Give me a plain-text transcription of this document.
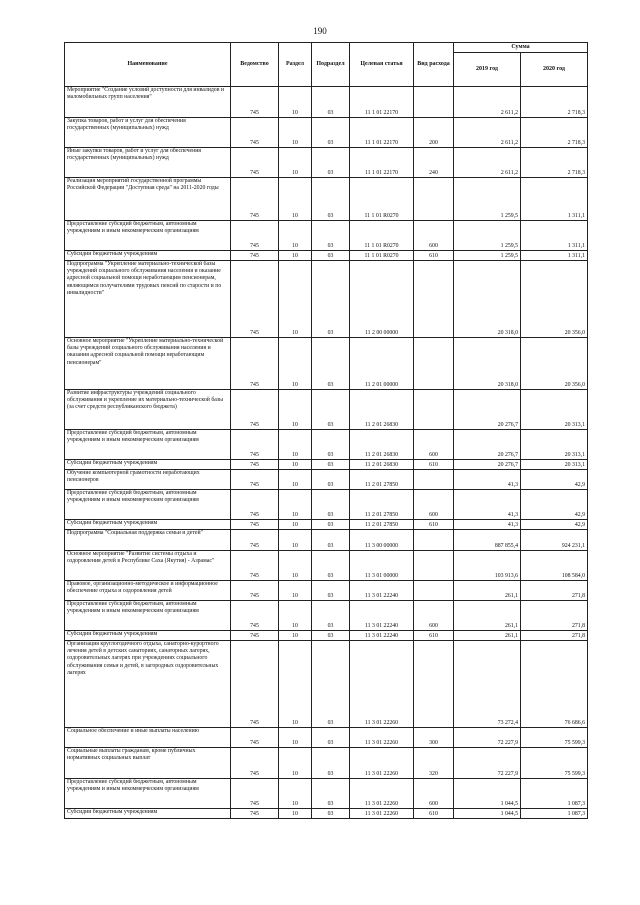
190
Наименование	Ведомство	Раздел	Подраздел	Целевая статья	Вид расхода	Сумма	
						2019 год	2020 год
Мероприятие "Создание условий доступности для инвалидов и маломобильных групп населения"	745	10	03	11 1 01 22170		2 611,2	2 718,3
Закупка товаров, работ и услуг для обеспечения государственных (муниципальных) нужд	745	10	03	11 1 01 22170	200	2 611,2	2 718,3
Иные закупки товаров, работ и услуг для обеспечения государственных (муниципальных) нужд	745	10	03	11 1 01 22170	240	2 611,2	2 718,3
Реализация мероприятий государственной программы Российской Федерации "Доступная среда" на 2011-2020 годы	745	10	03	11 1 01 R0270		1 259,5	1 311,1
Предоставление субсидий бюджетным, автономным учреждениям и иным некоммерческим организациям	745	10	03	11 1 01 R0270	600	1 259,5	1 311,1
Субсидии бюджетным учреждениям	745	10	03	11 1 01 R0270	610	1 259,5	1 311,1
Подпрограмма "Укрепление материально-технической базы учреждений социального обслуживания населения и оказание адресной социальной помощи неработающим пенсионерам, являющимся получателями трудовых пенсий по старости и по инвалидности"	745	10	03	11 2 00 00000		20 318,0	20 356,0
Основное мероприятие "Укрепление материально-технической базы учреждений социального обслуживания населения и оказания адресной социальной помощи неработающим пенсионерам"	745	10	03	11 2 01 00000		20 318,0	20 356,0
Развитие инфраструктуры учреждений социального обслуживания и укрепление их материально-технической базы (за счет средств республиканского бюджета)	745	10	03	11 2 01 26830		20 276,7	20 313,1
Предоставление субсидий бюджетным, автономным учреждениям и иным некоммерческим организациям	745	10	03	11 2 01 26830	600	20 276,7	20 313,1
Субсидии бюджетным учреждениям	745	10	03	11 2 01 26830	610	20 276,7	20 313,1
Обучение компьютерной грамотности неработающих пенсионеров	745	10	03	11 2 01 27850		41,3	42,9
Предоставление субсидий бюджетным, автономным учреждениям и иным некоммерческим организациям	745	10	03	11 2 01 27850	600	41,3	42,9
Субсидии бюджетным учреждениям	745	10	03	11 2 01 27850	610	41,3	42,9
Подпрограмма "Социальная поддержка семьи и детей"	745	10	03	11 3 00 00000		887 855,4	924 231,1
Основное мероприятие "Развитие системы отдыха и оздоровления детей в Республике Саха (Якутия) - Азрамас"	745	10	03	11 3 01 00000		103 913,6	108 584,0
Правовое, организационно-методическое и информационное обеспечение отдыха и оздоровления детей	745	10	03	11 3 01 22240		261,1	271,8
Предоставление субсидий бюджетным, автономным учреждениям и иным некоммерческим организациям	745	10	03	11 3 01 22240	600	261,1	271,8
Субсидии бюджетным учреждениям	745	10	03	11 3 01 22240	610	261,1	271,8
Организация круглогодичного отдыха, санаторно-курортного лечения детей в детских санаториях, санаторных лагерях, оздоровительных лагерях при учреждениях социального обслуживания семьи и детей, в загородных оздоровительных лагерях	745	10	03	11 3 01 22260		73 272,4	76 686,6
Социальное обеспечение и иные выплаты населению	745	10	03	11 3 01 22260	300	72 227,9	75 599,3
Социальные выплаты гражданам, кроме публичных нормативных социальных выплат	745	10	03	11 3 01 22260	320	72 227,9	75 599,3
Предоставление субсидий бюджетным, автономным учреждениям и иным некоммерческим организациям	745	10	03	11 3 01 22260	600	1 044,5	1 087,3
Субсидии бюджетным учреждениям	745	10	03	11 3 01 22260	610	1 044,5	1 087,3
